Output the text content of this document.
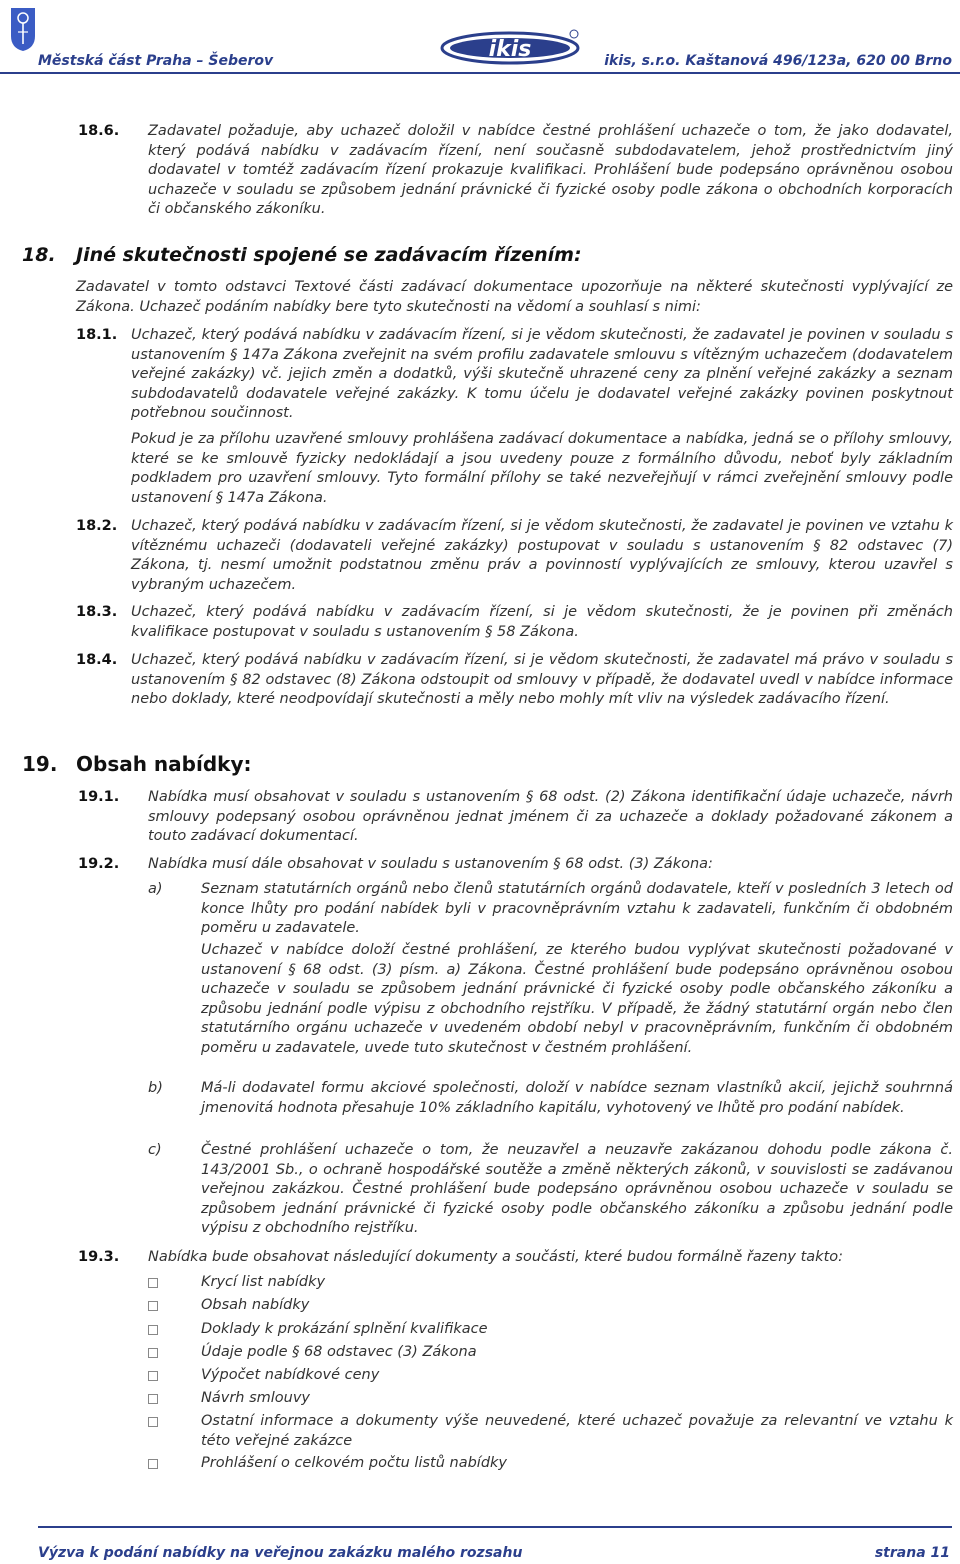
Městská část Praha – Šeberov	ikis	ikis, s.r.o. Kaštanová 496/123a, 620 00 Brno
18.6. Zadavatel požaduje, aby uchazeč doložil v nabídce čestné prohlášení uchazeče o tom, že jako dodavatel, který podává nabídku v zadávacím řízení, není současně subdodavatelem, jehož prostřednictvím jiný dodavatel v tomtéž zadávacím řízení prokazuje kvalifikaci. Prohlášení bude podepsáno oprávněnou osobou uchazeče v souladu se způsobem jednání právnické či fyzické osoby podle zákona o obchodních korporacích či občanského zákoníku.
18. Jiné skutečnosti spojené se zadávacím řízením:
Zadavatel v tomto odstavci Textové části zadávací dokumentace upozorňuje na některé skutečnosti vyplývající ze Zákona. Uchazeč podáním nabídky bere tyto skutečnosti na vědomí a souhlasí s nimi:
18.1. Uchazeč, který podává nabídku v zadávacím řízení, si je vědom skutečnosti, že zadavatel je povinen v souladu s ustanovením § 147a Zákona zveřejnit na svém profilu zadavatele smlouvu s vítězným uchazečem (dodavatelem veřejné zakázky) vč. jejich změn a dodatků, výši skutečně uhrazené ceny za plnění veřejné zakázky a seznam subdodavatelů dodavatele veřejné zakázky. K tomu účelu je dodavatel veřejné zakázky povinen poskytnout potřebnou součinnost.
Pokud je za přílohu uzavřené smlouvy prohlášena zadávací dokumentace a nabídka, jedná se o přílohy smlouvy, které se ke smlouvě fyzicky nedokládají a jsou uvedeny pouze z formálního důvodu, neboť byly základním podkladem pro uzavření smlouvy. Tyto formální přílohy se také nezveřejňují v rámci zveřejnění smlouvy podle ustanovení § 147a Zákona.
18.2. Uchazeč, který podává nabídku v zadávacím řízení, si je vědom skutečnosti, že zadavatel je povinen ve vztahu k vítěznému uchazeči (dodavateli veřejné zakázky) postupovat v souladu s ustanovením § 82 odstavec (7) Zákona, tj. nesmí umožnit podstatnou změnu práv a povinností vyplývajících ze smlouvy, kterou uzavřel s vybraným uchazečem.
18.3. Uchazeč, který podává nabídku v zadávacím řízení, si je vědom skutečnosti, že je povinen při změnách kvalifikace postupovat v souladu s ustanovením § 58 Zákona.
18.4. Uchazeč, který podává nabídku v zadávacím řízení, si je vědom skutečnosti, že zadavatel má právo v souladu s ustanovením § 82 odstavec (8) Zákona odstoupit od smlouvy v případě, že dodavatel uvedl v nabídce informace nebo doklady, které neodpovídají skutečnosti a měly nebo mohly mít vliv na výsledek zadávacího řízení.
19. Obsah nabídky:
19.1. Nabídka musí obsahovat v souladu s ustanovením § 68 odst. (2) Zákona identifikační údaje uchazeče, návrh smlouvy podepsaný osobou oprávněnou jednat jménem či za uchazeče a doklady požadované zákonem a touto zadávací dokumentací.
19.2. Nabídka musí dále obsahovat v souladu s ustanovením § 68 odst. (3) Zákona:
a)	Seznam statutárních orgánů nebo členů statutárních orgánů dodavatele, kteří v posledních 3 letech od konce lhůty pro podání nabídek byli v pracovněprávním vztahu k zadavateli, funkčním či obdobném poměru u zadavatele.
Uchazeč v nabídce doloží čestné prohlášení, ze kterého budou vyplývat skutečnosti požadované v ustanovení § 68 odst. (3) písm. a) Zákona. Čestné prohlášení bude podepsáno oprávněnou osobou uchazeče v souladu se způsobem jednání právnické či fyzické osoby podle občanského zákoníku a způsobu jednání podle výpisu z obchodního rejstříku. V případě, že žádný statutární orgán nebo člen statutárního orgánu uchazeče v uvedeném období nebyl v pracovněprávním, funkčním či obdobném poměru u zadavatele, uvede tuto skutečnost v čestném prohlášení.
b)	Má-li dodavatel formu akciové společnosti, doloží v nabídce seznam vlastníků akcií, jejichž souhrnná jmenovitá hodnota přesahuje 10% základního kapitálu, vyhotovený ve lhůtě pro podání nabídek.
c)	Čestné prohlášení uchazeče o tom, že neuzavřel a neuzavře zakázanou dohodu podle zákona č. 143/2001 Sb., o ochraně hospodářské soutěže a změně některých zákonů, v souvislosti se zadávanou veřejnou zakázkou. Čestné prohlášení bude podepsáno oprávněnou osobou uchazeče v souladu se způsobem jednání právnické či fyzické osoby podle občanského zákoníku a způsobu jednání podle výpisu z obchodního rejstříku.
19.3. Nabídka bude obsahovat následující dokumenty a součásti, které budou formálně řazeny takto:
Krycí list nabídky
Obsah nabídky
Doklady k prokázání splnění kvalifikace
Údaje podle § 68 odstavec (3) Zákona
Výpočet nabídkové ceny
Návrh smlouvy
Ostatní informace a dokumenty výše neuvedené, které uchazeč považuje za relevantní ve vztahu k této veřejné zakázce
Prohlášení o celkovém počtu listů nabídky
Výzva k podání nabídky na veřejnou zakázku malého rozsahu	strana 11
